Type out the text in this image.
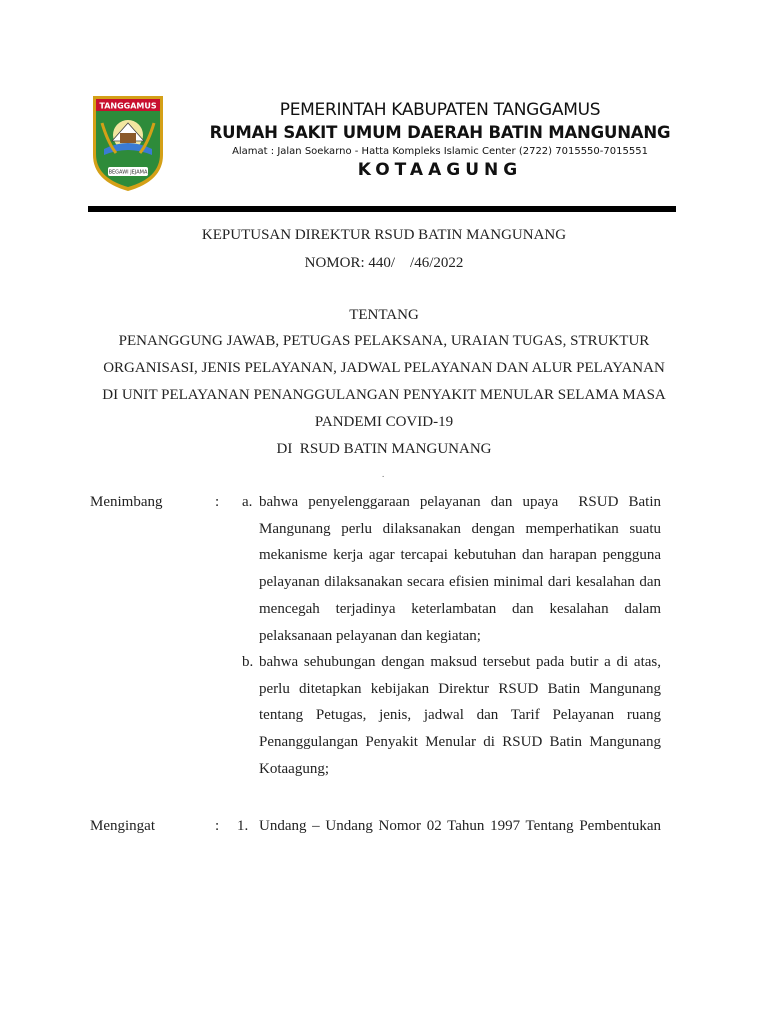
TANGGAMUS
BEGAWI JEJAMA
PEMERINTAH KABUPATEN TANGGAMUS
RUMAH SAKIT UMUM DAERAH BATIN MANGUNANG
Alamat : Jalan Soekarno - Hatta Kompleks Islamic Center (2722) 7015550-7015551
KOTAAGUNG
KEPUTUSAN DIREKTUR RSUD BATIN MANGUNANG
NOMOR: 440/    /46/2022
TENTANG
PENANGGUNG JAWAB, PETUGAS PELAKSANA, URAIAN TUGAS, STRUKTUR
ORGANISASI, JENIS PELAYANAN, JADWAL PELAYANAN DAN ALUR PELAYANAN
DI UNIT PELAYANAN PENANGGULANGAN PENYAKIT MENULAR SELAMA MASA
PANDEMI COVID-19
DI  RSUD BATIN MANGUNANG
.
Menimbang	: a. bahwa penyelenggaraan pelayanan dan upaya  RSUD Batin
Mangunang perlu dilaksanakan dengan memperhatikan suatu
mekanisme kerja agar tercapai kebutuhan dan harapan pengguna
pelayanan dilaksanakan secara efisien minimal dari kesalahan dan
mencegah terjadinya keterlambatan dan kesalahan dalam
pelaksanaan pelayanan dan kegiatan;
b. bahwa sehubungan dengan maksud tersebut pada butir a di atas,
perlu ditetapkan kebijakan Direktur RSUD Batin Mangunang
tentang Petugas, jenis, jadwal dan Tarif Pelayanan ruang
Penanggulangan Penyakit Menular di RSUD Batin Mangunang
Kotaagung;
Mengingat	: 1. Undang – Undang Nomor 02 Tahun 1997 Tentang Pembentukan
